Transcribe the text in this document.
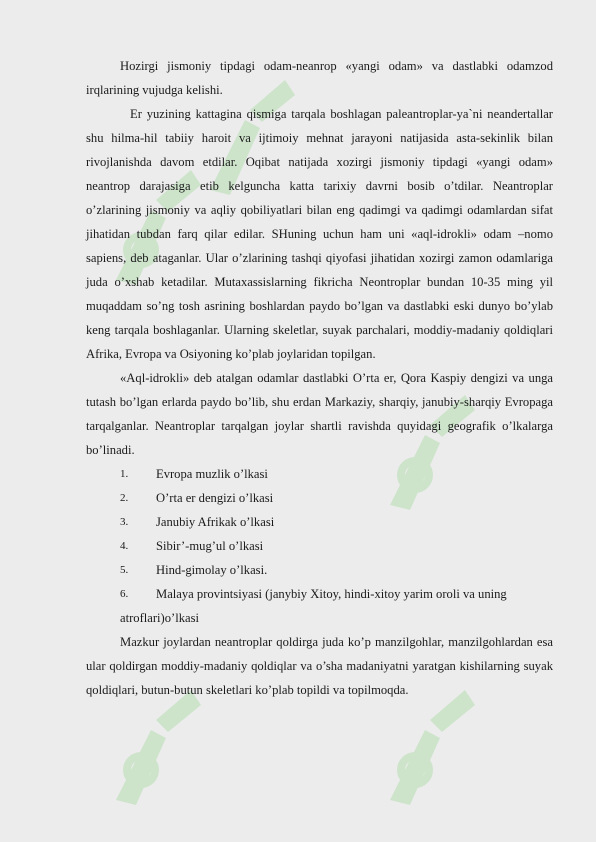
Hozirgi jismoniy tipdagi odam-neanrop «yangi odam» va dastlabki odamzod irqlarining vujudga kelishi.

Er yuzining kattagina qismiga tarqala boshlagan paleantroplar-ya`ni neandertallar shu hilma-hil tabiiy haroit va ijtimoiy mehnat jarayoni natijasida asta-sekinlik bilan rivojlanishda davom etdilar. Oqibat natijada xozirgi jismoniy tipdagi «yangi odam» neantrop darajasiga etib kelguncha katta tarixiy davrni bosib o’tdilar. Neantroplar o’zlarining jismoniy va aqliy qobiliyatlari bilan eng qadimgi va qadimgi odamlardan sifat jihatidan tubdan farq qilar edilar. SHuning uchun ham uni «aql-idrokli» odam –nomo sapiens, deb ataganlar. Ular o’zlarining tashqi qiyofasi jihatidan xozirgi zamon odamlariga juda o’xshab ketadilar. Mutaxassislarning fikricha Neontroplar bundan 10-35 ming yil muqaddam so’ng tosh asrining boshlardan paydo bo’lgan va dastlabki eski dunyo bo’ylab keng tarqala boshlaganlar. Ularning skeletlar, suyak parchalari, moddiy-madaniy qoldiqlari Afrika, Evropa va Osiyoning ko’plab joylaridan topilgan.

«Aql-idrokli» deb atalgan odamlar dastlabki O’rta er, Qora Kaspiy dengizi va unga tutash bo’lgan erlarda paydo bo’lib, shu erdan Markaziy, sharqiy, janubiy-sharqiy Evropaga tarqalganlar. Neantroplar tarqalgan joylar shartli ravishda quyidagi geografik o’lkalarga bo’linadi.

1. Evropa muzlik o’lkasi
2. O’rta er dengizi o’lkasi
3. Janubiy Afrikak o’lkasi
4. Sibir’-mug’ul o’lkasi
5. Hind-gimolay o’lkasi.
6. Malaya provintsiyasi (janybiy Xitoy, hindi-xitoy yarim oroli va uning
atroflari)o’lkasi

Mazkur joylardan neantroplar qoldirga juda ko’p manzilgohlar, manzilgohlardan esa ular qoldirgan moddiy-madaniy qoldiqlar va o’sha madaniyatni yaratgan kishilarning suyak qoldiqlari, butun-butun skeletlari ko’plab topildi va topilmoqda.
